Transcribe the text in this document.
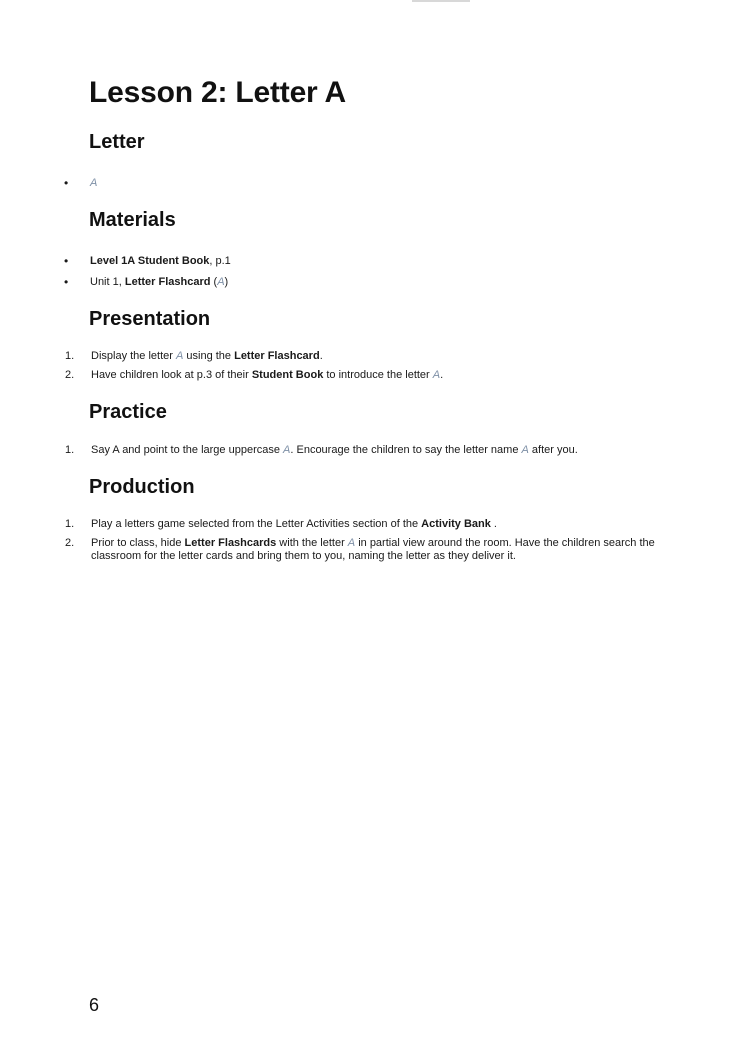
Lesson 2: Letter A
Letter
•	A
Materials
•	Level 1A Student Book, p.1
•	Unit 1, Letter Flashcard (A)
Presentation
1.	Display the letter A using the Letter Flashcard.
2.	Have children look at p.3 of their Student Book to introduce the letter A.
Practice
1.	Say A and point to the large uppercase A. Encourage the children to say the letter name A after you.
Production
1.	Play a letters game selected from the Letter Activities section of the Activity Bank .
2.	Prior to class, hide Letter Flashcards with the letter A in partial view around the room. Have the children search the classroom for the letter cards and bring them to you, naming the letter as they deliver it.

6
